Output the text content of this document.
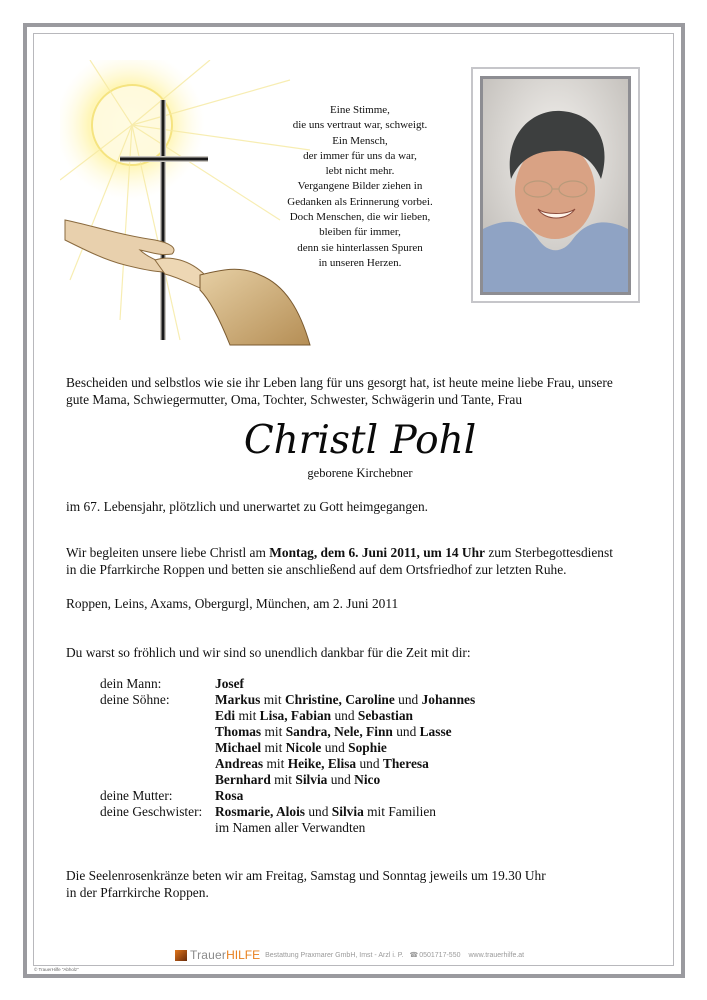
Eine Stimme,
die uns vertraut war, schweigt.
Ein Mensch,
der immer für uns da war,
lebt nicht mehr.
Vergangene Bilder ziehen in
Gedanken als Erinnerung vorbei.
Doch Menschen, die wir lieben,
bleiben für immer,
denn sie hinterlassen Spuren
in unseren Herzen.
Bescheiden und selbstlos wie sie ihr Leben lang für uns gesorgt hat, ist heute meine liebe Frau, unsere
gute Mama, Schwiegermutter, Oma, Tochter, Schwester, Schwägerin und Tante, Frau
Christl Pohl
geborene Kirchebner
im 67. Lebensjahr, plötzlich und unerwartet zu Gott heimgegangen.
Wir begleiten unsere liebe Christl am Montag, dem 6. Juni 2011, um 14 Uhr zum Sterbegottesdienst
in die Pfarrkirche Roppen und betten sie anschließend auf dem Ortsfriedhof zur letzten Ruhe.
Roppen, Leins, Axams, Obergurgl, München, am 2. Juni 2011
Du warst so fröhlich und wir sind so unendlich dankbar für die Zeit mit dir:
dein Mann:	Josef
deine Söhne:	Markus mit Christine, Caroline und Johannes
Edi mit Lisa, Fabian und Sebastian
Thomas mit Sandra, Nele, Finn und Lasse
Michael mit Nicole und Sophie
Andreas mit Heike, Elisa und Theresa
Bernhard mit Silvia und Nico
deine Mutter:	Rosa
deine Geschwister: Rosmarie, Alois und Silvia mit Familien
im Namen aller Verwandten
Die Seelenrosenkränze beten wir am Freitag, Samstag und Sonntag jeweils um 19.30 Uhr
in der Pfarrkirche Roppen.
Trauer HILFE Bestattung Praxmarer GmbH, Imst - Arzl i. P. ☎ 0501717-550 www.trauerhilfe.at
© TrauerHilfe "Abholz"
